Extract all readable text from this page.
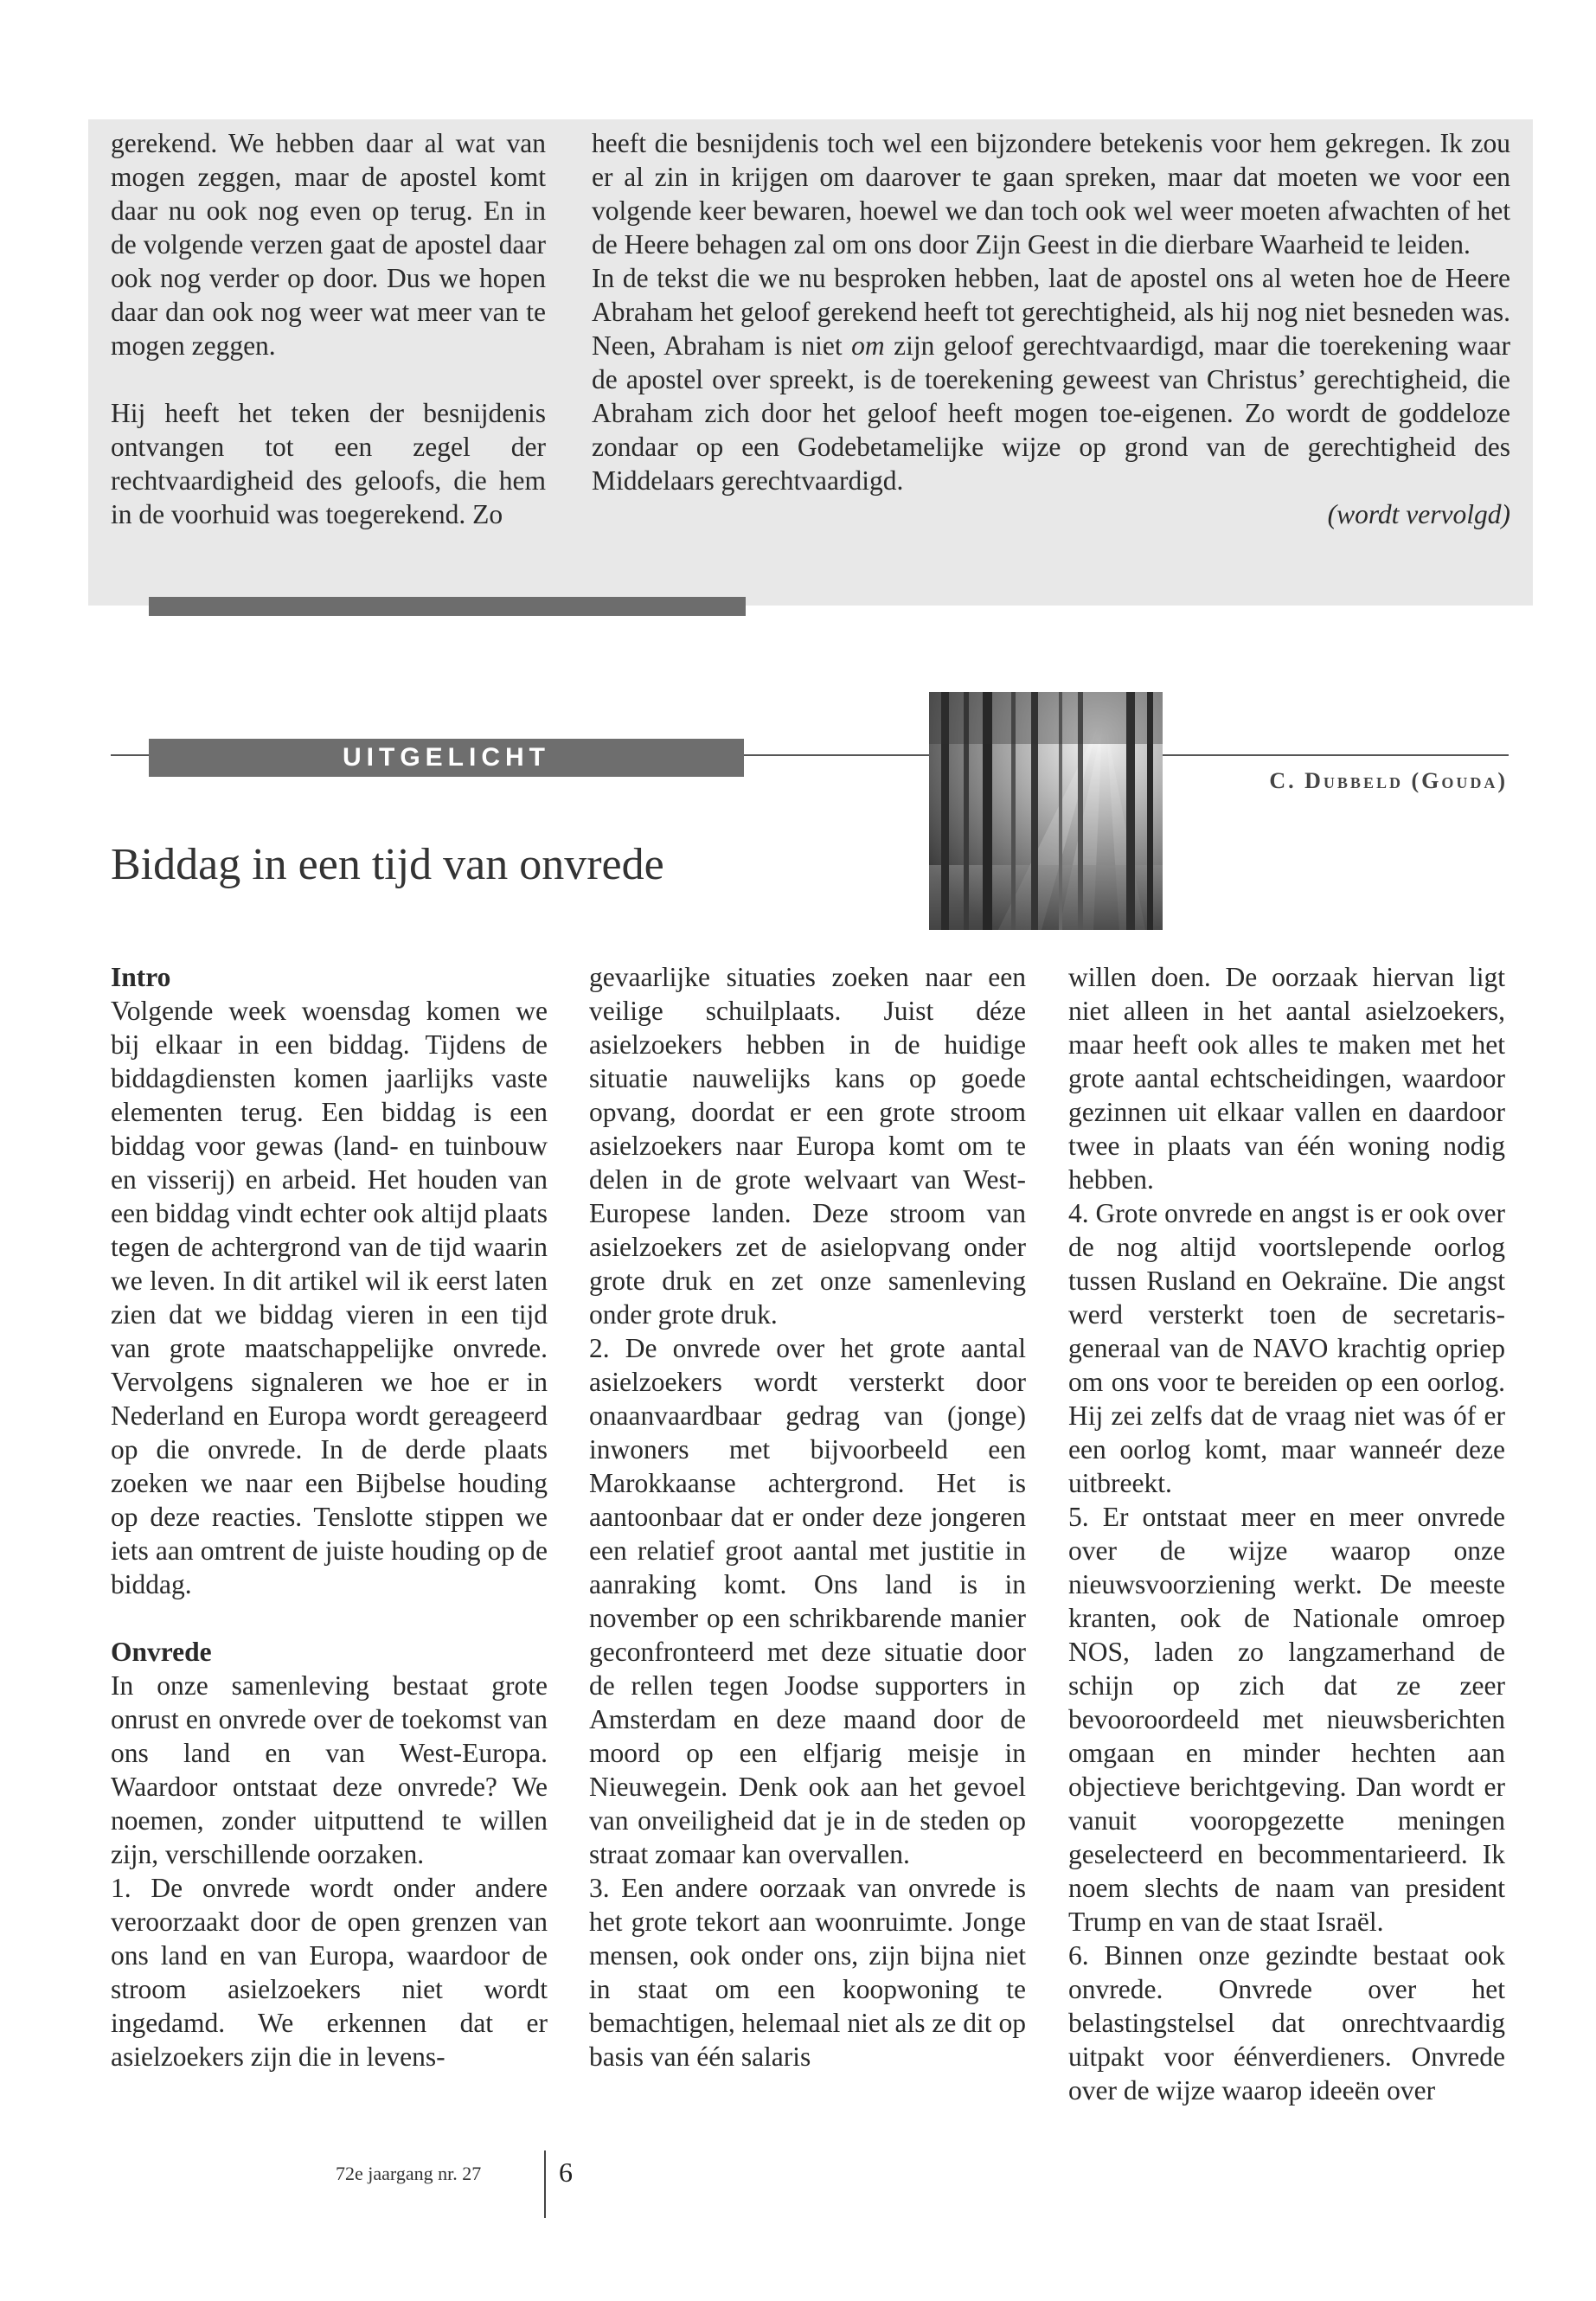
gerekend. We hebben daar al wat van mogen zeggen, maar de apostel komt daar nu ook nog even op terug. En in de volgende verzen gaat de apostel daar ook nog verder op door. Dus we hopen daar dan ook nog weer wat meer van te mogen zeggen.

Hij heeft het teken der besnijdenis ontvangen tot een zegel der rechtvaardigheid des geloofs, die hem in de voorhuid was toegerekend. Zo

heeft die besnijdenis toch wel een bijzondere betekenis voor hem gekregen. Ik zou er al zin in krijgen om daarover te gaan spreken, maar dat moeten we voor een volgende keer bewaren, hoewel we dan toch ook wel weer moeten afwachten of het de Heere behagen zal om ons door Zijn Geest in die dierbare Waarheid te leiden.

In de tekst die we nu besproken hebben, laat de apostel ons al weten hoe de Heere Abraham het geloof gerekend heeft tot gerechtigheid, als hij nog niet besneden was. Neen, Abraham is niet om zijn geloof gerechtvaardigd, maar die toerekening waar de apostel over spreekt, is de toerekening geweest van Christus’ gerechtigheid, die Abraham zich door het geloof heeft mogen toe-eigenen. Zo wordt de goddeloze zondaar op een Godebetamelijke wijze op grond van de gerechtigheid des Middelaars gerechtvaardigd.

(wordt vervolgd)

UITGELICHT
C. Dubbeld (Gouda)
Biddag in een tijd van onvrede

Intro

Volgende week woensdag komen we bij elkaar in een biddag. Tijdens de biddagdiensten komen jaarlijks vaste elementen terug. Een biddag is een biddag voor gewas (land- en tuinbouw en visserij) en arbeid. Het houden van een biddag vindt echter ook altijd plaats tegen de achtergrond van de tijd waarin we leven. In dit artikel wil ik eerst laten zien dat we biddag vieren in een tijd van grote maatschappelijke onvrede. Vervolgens signaleren we hoe er in Nederland en Europa wordt gereageerd op die onvrede. In de derde plaats zoeken we naar een Bijbelse houding op deze reacties. Tenslotte stippen we iets aan omtrent de juiste houding op de biddag.

Onvrede

In onze samenleving bestaat grote onrust en onvrede over de toekomst van ons land en van West-Europa. Waardoor ontstaat deze onvrede? We noemen, zonder uitputtend te willen zijn, verschillende oorzaken.

1. De onvrede wordt onder andere veroorzaakt door de open grenzen van ons land en van Europa, waardoor de stroom asielzoekers niet wordt ingedamd. We erkennen dat er asielzoekers zijn die in levens-

gevaarlijke situaties zoeken naar een veilige schuilplaats. Juist déze asielzoekers hebben in de huidige situatie nauwelijks kans op goede opvang, doordat er een grote stroom asielzoekers naar Europa komt om te delen in de grote welvaart van West-Europese landen. Deze stroom van asielzoekers zet de asielopvang onder grote druk en zet onze samenleving onder grote druk.

2. De onvrede over het grote aantal asielzoekers wordt versterkt door onaanvaardbaar gedrag van (jonge) inwoners met bijvoorbeeld een Marokkaanse achtergrond. Het is aantoonbaar dat er onder deze jongeren een relatief groot aantal met justitie in aanraking komt. Ons land is in november op een schrikbarende manier geconfronteerd met deze situatie door de rellen tegen Joodse supporters in Amsterdam en deze maand door de moord op een elfjarig meisje in Nieuwegein. Denk ook aan het gevoel van onveiligheid dat je in de steden op straat zomaar kan overvallen.

3. Een andere oorzaak van onvrede is het grote tekort aan woonruimte. Jonge mensen, ook onder ons, zijn bijna niet in staat om een koopwoning te bemachtigen, helemaal niet als ze dit op basis van één salaris

willen doen. De oorzaak hiervan ligt niet alleen in het aantal asielzoekers, maar heeft ook alles te maken met het grote aantal echtscheidingen, waardoor gezinnen uit elkaar vallen en daardoor twee in plaats van één woning nodig hebben.

4. Grote onvrede en angst is er ook over de nog altijd voortslepende oorlog tussen Rusland en Oekraïne. Die angst werd versterkt toen de secretaris-generaal van de NAVO krachtig opriep om ons voor te bereiden op een oorlog. Hij zei zelfs dat de vraag niet was óf er een oorlog komt, maar wanneér deze uitbreekt.

5. Er ontstaat meer en meer onvrede over de wijze waarop onze nieuwsvoorziening werkt. De meeste kranten, ook de Nationale omroep NOS, laden zo langzamerhand de schijn op zich dat ze zeer bevooroordeeld met nieuwsberichten omgaan en minder hechten aan objectieve berichtgeving. Dan wordt er vanuit vooropgezette meningen geselecteerd en becommentarieerd. Ik noem slechts de naam van president Trump en van de staat Israël.

6. Binnen onze gezindte bestaat ook onvrede. Onvrede over het belastingstelsel dat onrechtvaardig uitpakt voor éénverdieners. Onvrede over de wijze waarop ideeën over

72e jaargang nr. 27	6
